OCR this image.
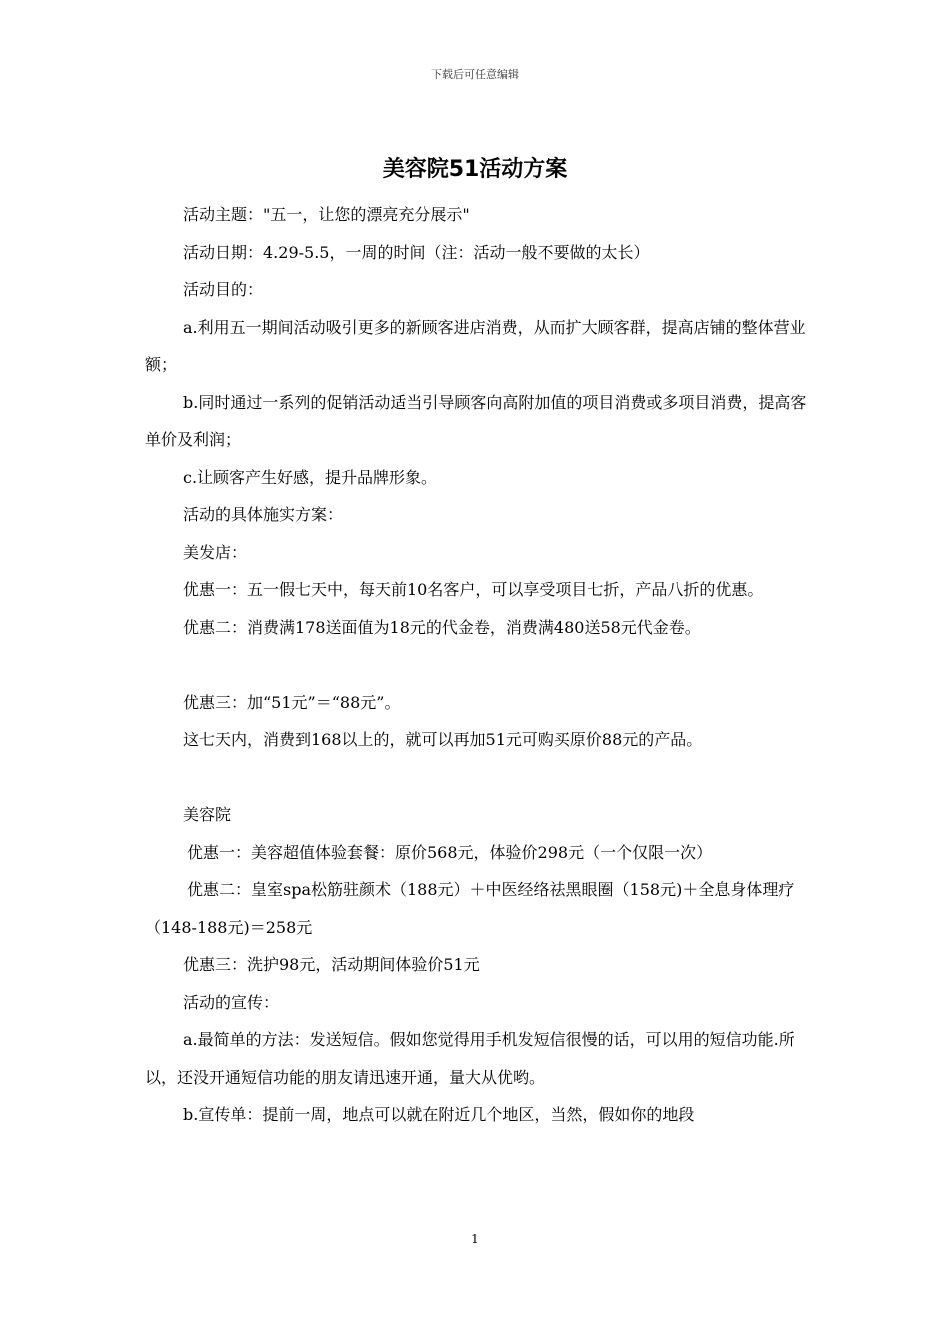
下载后可任意编辑
美容院51活动方案

活动主题："五一，让您的漂亮充分展示"

活动日期：4.29-5.5，一周的时间（注：活动一般不要做的太长）

活动目的：

a.利用五一期间活动吸引更多的新顾客进店消费，从而扩大顾客群，提高店铺的整体营业额；

b.同时通过一系列的促销活动适当引导顾客向高附加值的项目消费或多项目消费，提高客单价及利润；

c.让顾客产生好感，提升品牌形象。

活动的具体施实方案：

美发店：

优惠一：五一假七天中，每天前10名客户，可以享受项目七折，产品八折的优惠。

优惠二：消费满178送面值为18元的代金卷，消费满480送58元代金卷。

优惠三：加“51元”＝“88元”。

这七天内，消费到168以上的，就可以再加51元可购买原价88元的产品。

美容院

优惠一：美容超值体验套餐：原价568元，体验价298元（一个仅限一次）

优惠二：皇室spa松筋驻颜术（188元）＋中医经络祛黑眼圈（158元)＋全息身体理疗（148-188元)＝258元

优惠三：洗护98元，活动期间体验价51元

活动的宣传：

a.最简单的方法：发送短信。假如您觉得用手机发短信很慢的话，可以用的短信功能.所以，还没开通短信功能的朋友请迅速开通，量大从优哟。

b.宣传单：提前一周，地点可以就在附近几个地区，当然，假如你的地段

1
